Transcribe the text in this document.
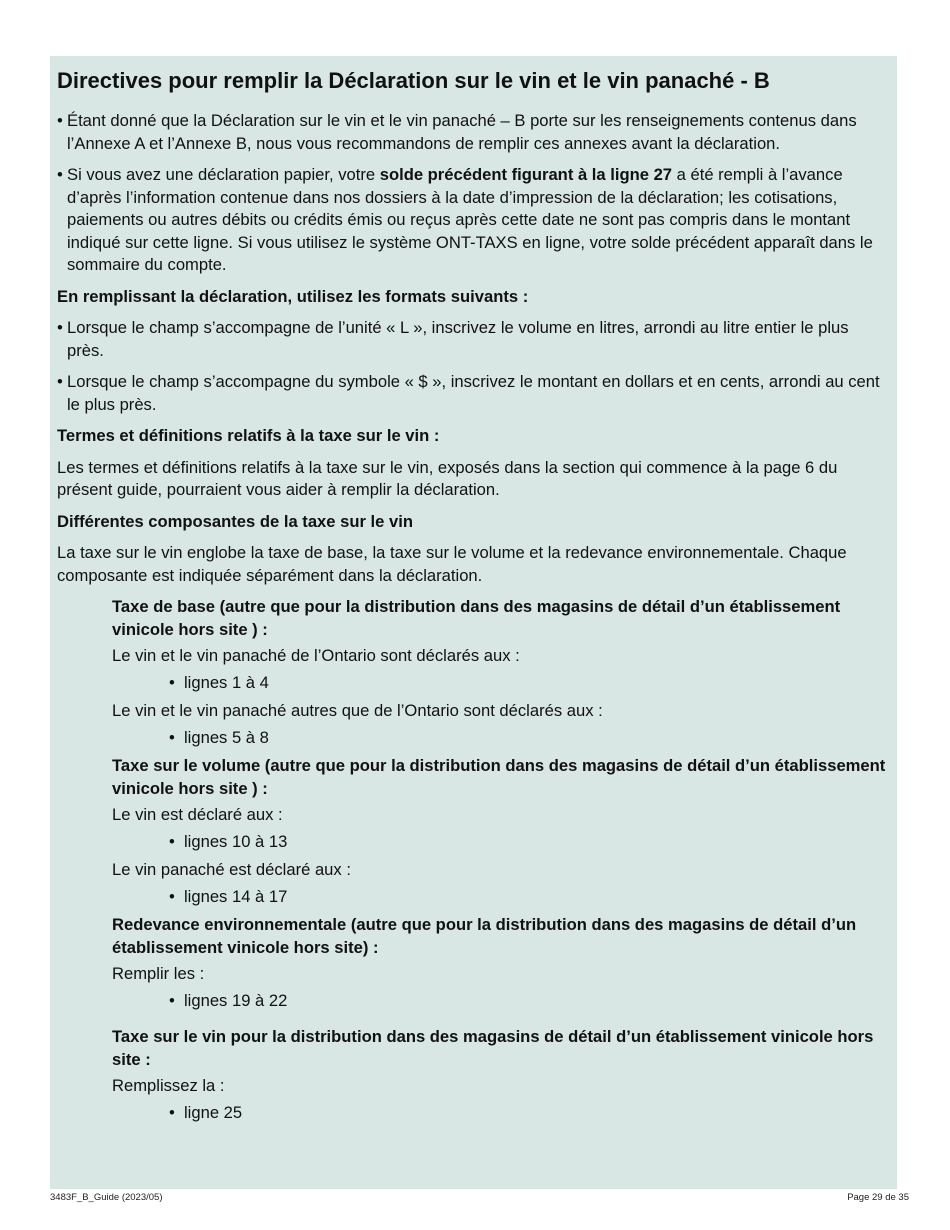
Directives pour remplir la Déclaration sur le vin et le vin panaché - B

• Étant donné que la Déclaration sur le vin et le vin panaché – B porte sur les renseignements contenus dans l’Annexe A et l’Annexe B, nous vous recommandons de remplir ces annexes avant la déclaration.

• Si vous avez une déclaration papier, votre solde précédent figurant à la ligne 27 a été rempli à l’avance d’après l’information contenue dans nos dossiers à la date d’impression de la déclaration; les cotisations, paiements ou autres débits ou crédits émis ou reçus après cette date ne sont pas compris dans le montant indiqué sur cette ligne. Si vous utilisez le système ONT-TAXS en ligne, votre solde précédent apparaît dans le sommaire du compte.

En remplissant la déclaration, utilisez les formats suivants :

• Lorsque le champ s’accompagne de l’unité « L », inscrivez le volume en litres, arrondi au litre entier le plus près.

• Lorsque le champ s’accompagne du symbole « $ », inscrivez le montant en dollars et en cents, arrondi au cent le plus près.

Termes et définitions relatifs à la taxe sur le vin :

Les termes et définitions relatifs à la taxe sur le vin, exposés dans la section qui commence à la page 6 du présent guide, pourraient vous aider à remplir la déclaration.

Différentes composantes de la taxe sur le vin

La taxe sur le vin englobe la taxe de base, la taxe sur le volume et la redevance environnementale. Chaque composante est indiquée séparément dans la déclaration.

Taxe de base (autre que pour la distribution dans des magasins de détail d’un établissement vinicole hors site ) :

Le vin et le vin panaché de l’Ontario sont déclarés aux :

• lignes 1 à 4

Le vin et le vin panaché autres que de l’Ontario sont déclarés aux :

• lignes 5 à 8

Taxe sur le volume (autre que pour la distribution dans des magasins de détail d’un établissement vinicole hors site ) :

Le vin est déclaré aux :

• lignes 10 à 13

Le vin panaché est déclaré aux :

• lignes 14 à 17

Redevance environnementale (autre que pour la distribution dans des magasins de détail d’un établissement vinicole hors site) :

Remplir les :

• lignes 19 à 22

Taxe sur le vin pour la distribution dans des magasins de détail d’un établissement vinicole hors site :

Remplissez la :

• ligne 25

3483F_B_Guide (2023/05)	Page 29 de 35
